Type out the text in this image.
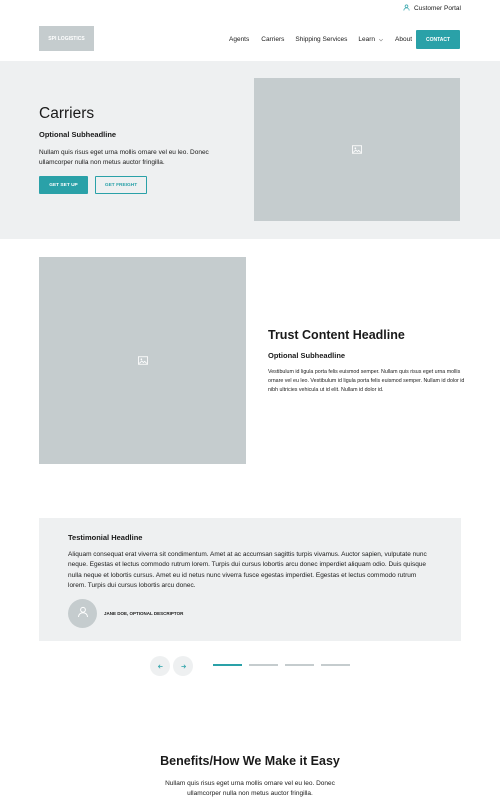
Customer Portal
SPI LOGISTICS	Agents Carriers Shipping Services Learn	About	CONTACT
Carriers
Optional Subheadline

Nullam quis risus eget urna mollis ornare vel eu leo. Donec ullamcorper nulla non metus auctor fringilla.

GET SET UP	GET FREIGHT
Trust Content Headline
Optional Subheadline

Vestibulum id ligula porta felis euismod semper. Nullam quis risus eget urna mollis ornare vel eu leo. Vestibulum id ligula porta felis euismod semper. Nullam id dolor id nibh ultricies vehicula ut id elit. Nullam id dolor id.

Testimonial Headline

Aliquam consequat erat viverra sit condimentum. Amet at ac accumsan sagittis turpis vivamus. Auctor sapien, vulputate nunc neque. Egestas et lectus commodo rutrum lorem. Turpis dui cursus lobortis arcu donec imperdiet aliquam odio. Duis quisque nulla neque et lobortis cursus. Amet eu id netus nunc viverra fusce egestas imperdiet. Egestas et lectus commodo rutrum lorem. Turpis dui cursus lobortis arcu donec.

JANE DOE, OPTIONAL DESCRIPTOR
Benefits/How We Make it Easy

Nullam quis risus eget urna mollis ornare vel eu leo. Donec ullamcorper nulla non metus auctor fringilla.
